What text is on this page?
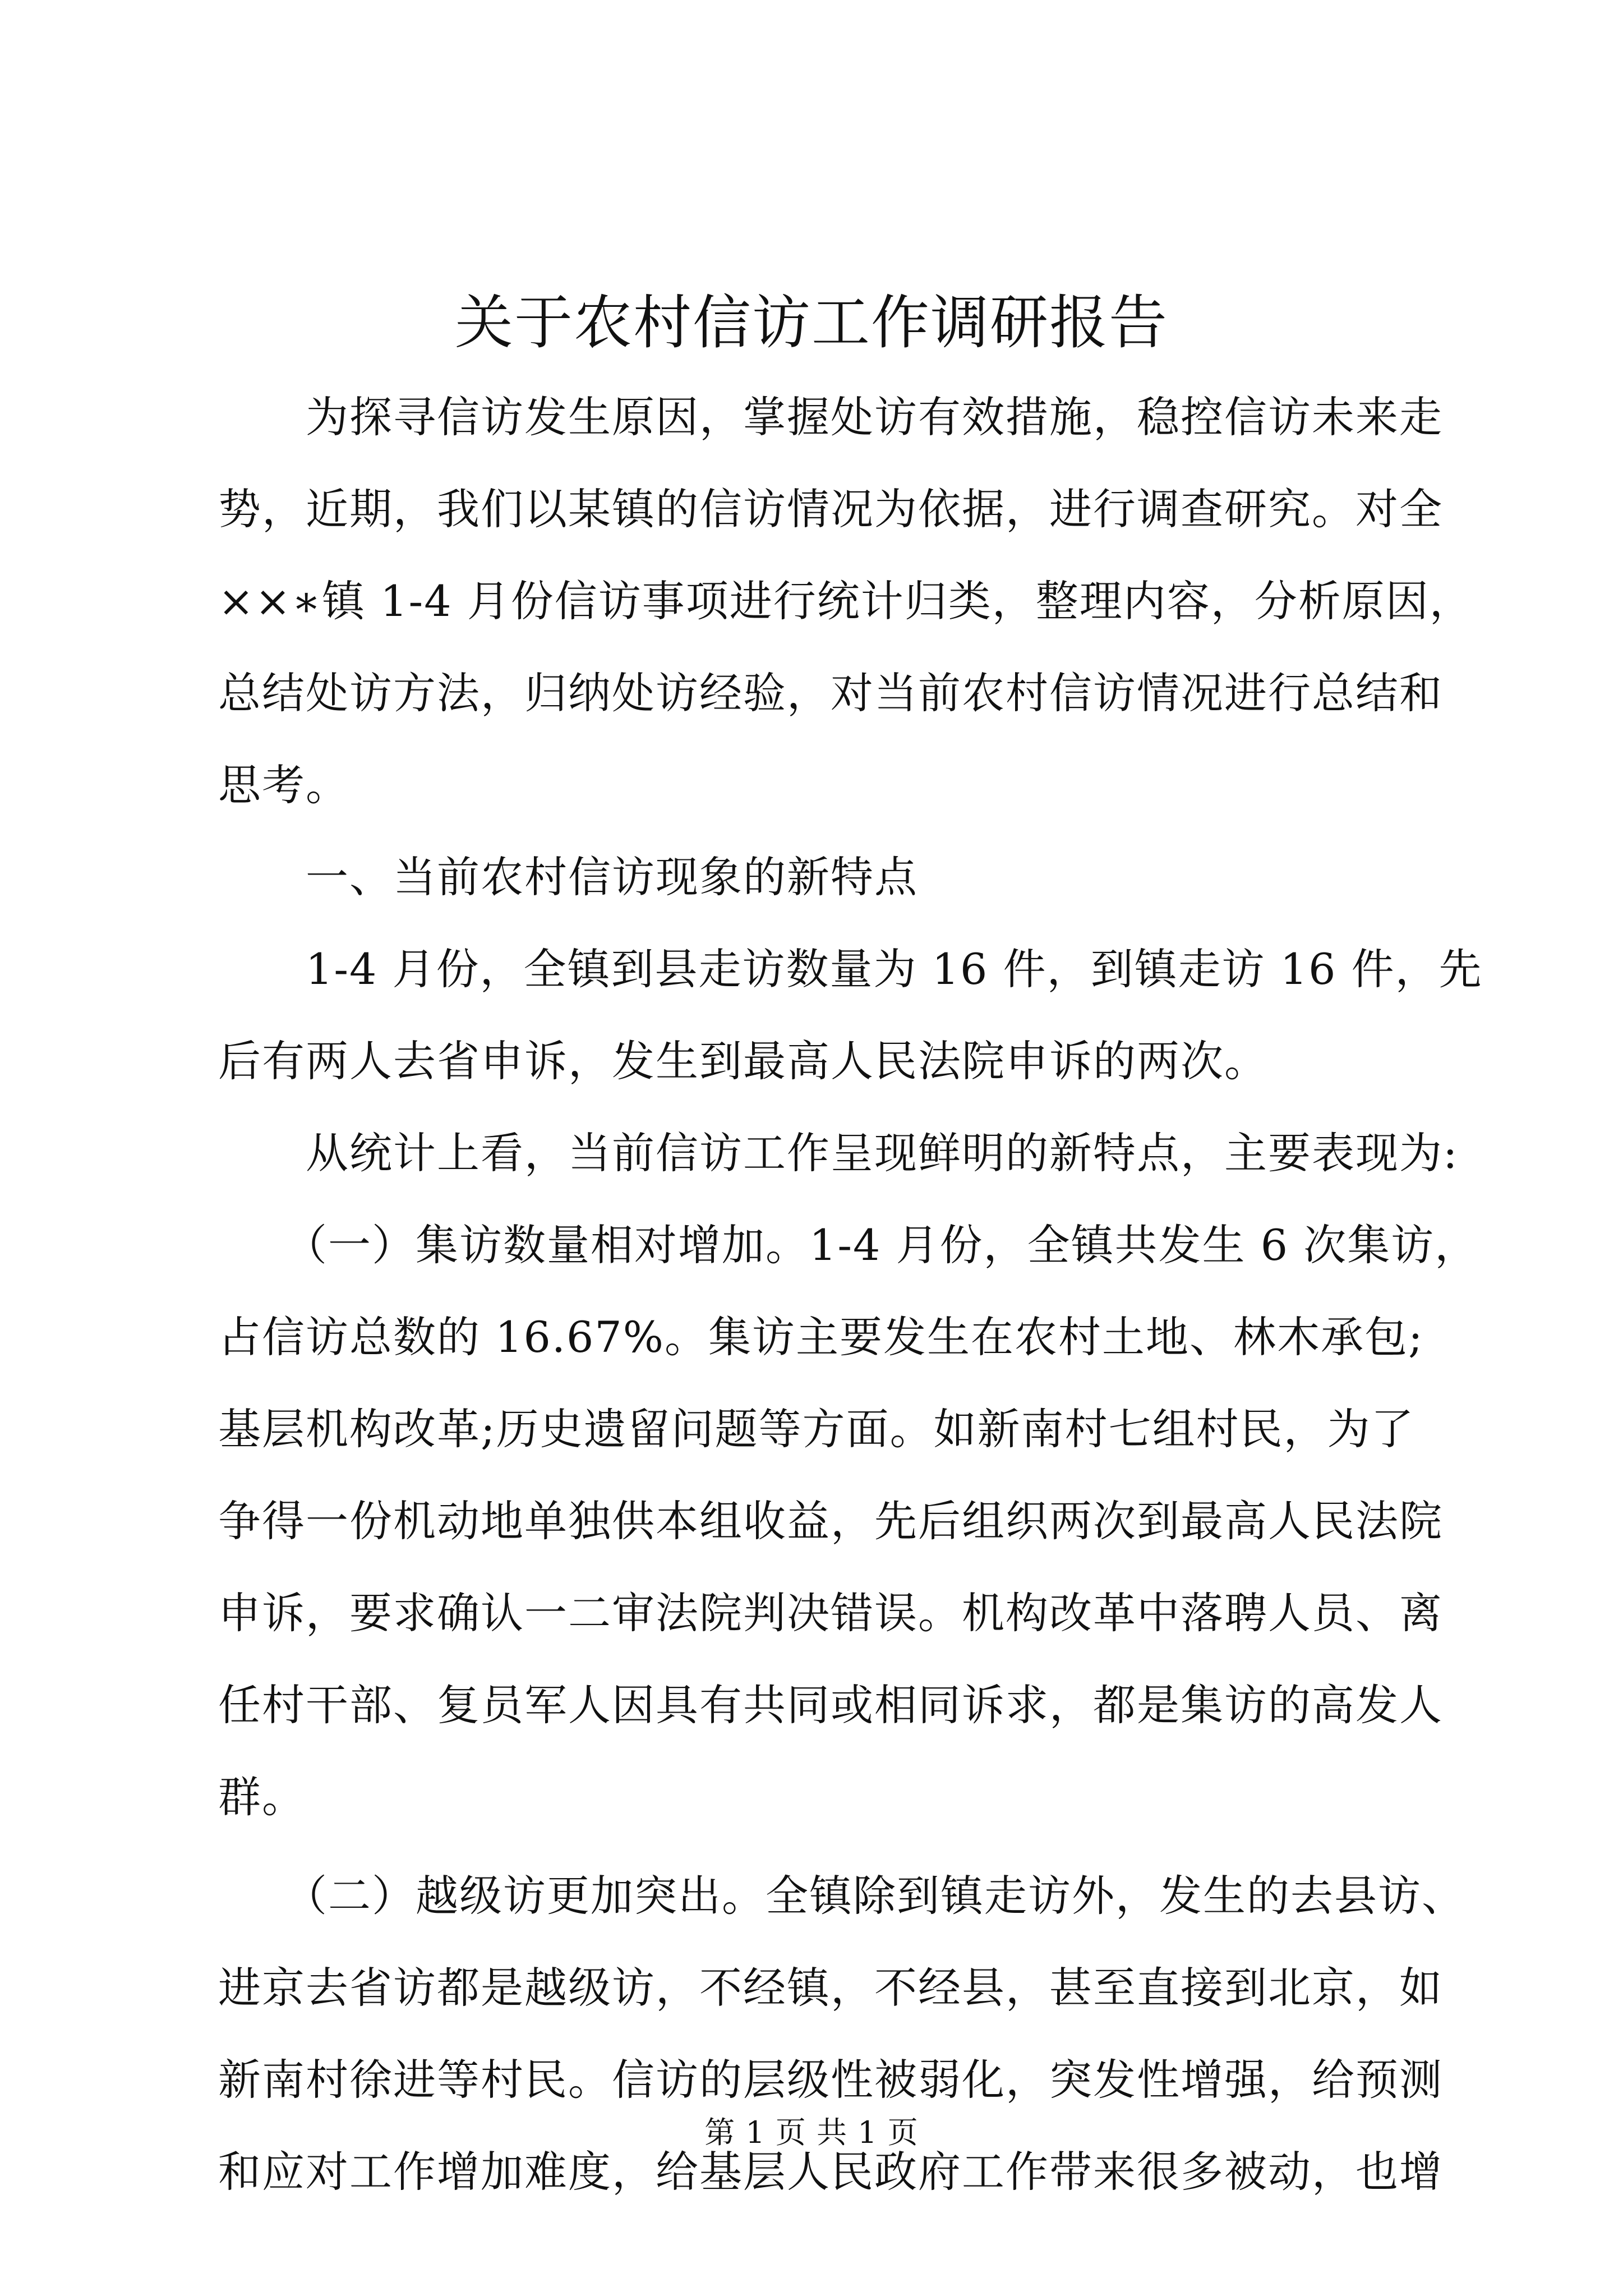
关于农村信访工作调研报告
　　为探寻信访发生原因，掌握处访有效措施，稳控信访未来走
势，近期，我们以某镇的信访情况为依据，进行调查研究。对全
××∗镇 1-4 月份信访事项进行统计归类，整理内容，分析原因，
总结处访方法，归纳处访经验，对当前农村信访情况进行总结和
思考。
　　一、当前农村信访现象的新特点
　　1-4 月份，全镇到县走访数量为 16 件，到镇走访 16 件，先
后有两人去省申诉，发生到最高人民法院申诉的两次。
　　从统计上看，当前信访工作呈现鲜明的新特点，主要表现为:
　　（一）集访数量相对增加。1-4 月份，全镇共发生 6 次集访，
占信访总数的 16.67%。集访主要发生在农村土地、林木承包;
基层机构改革;历史遗留问题等方面。如新南村七组村民，为了
争得一份机动地单独供本组收益，先后组织两次到最高人民法院
申诉，要求确认一二审法院判决错误。机构改革中落聘人员、离
任村干部、复员军人因具有共同或相同诉求，都是集访的高发人
群。
　　（二）越级访更加突出。全镇除到镇走访外，发生的去县访、
进京去省访都是越级访，不经镇，不经县，甚至直接到北京，如
新南村徐进等村民。信访的层级性被弱化，突发性增强，给预测
和应对工作增加难度，给基层人民政府工作带来很多被动，也增
第 1 页 共 1 页
